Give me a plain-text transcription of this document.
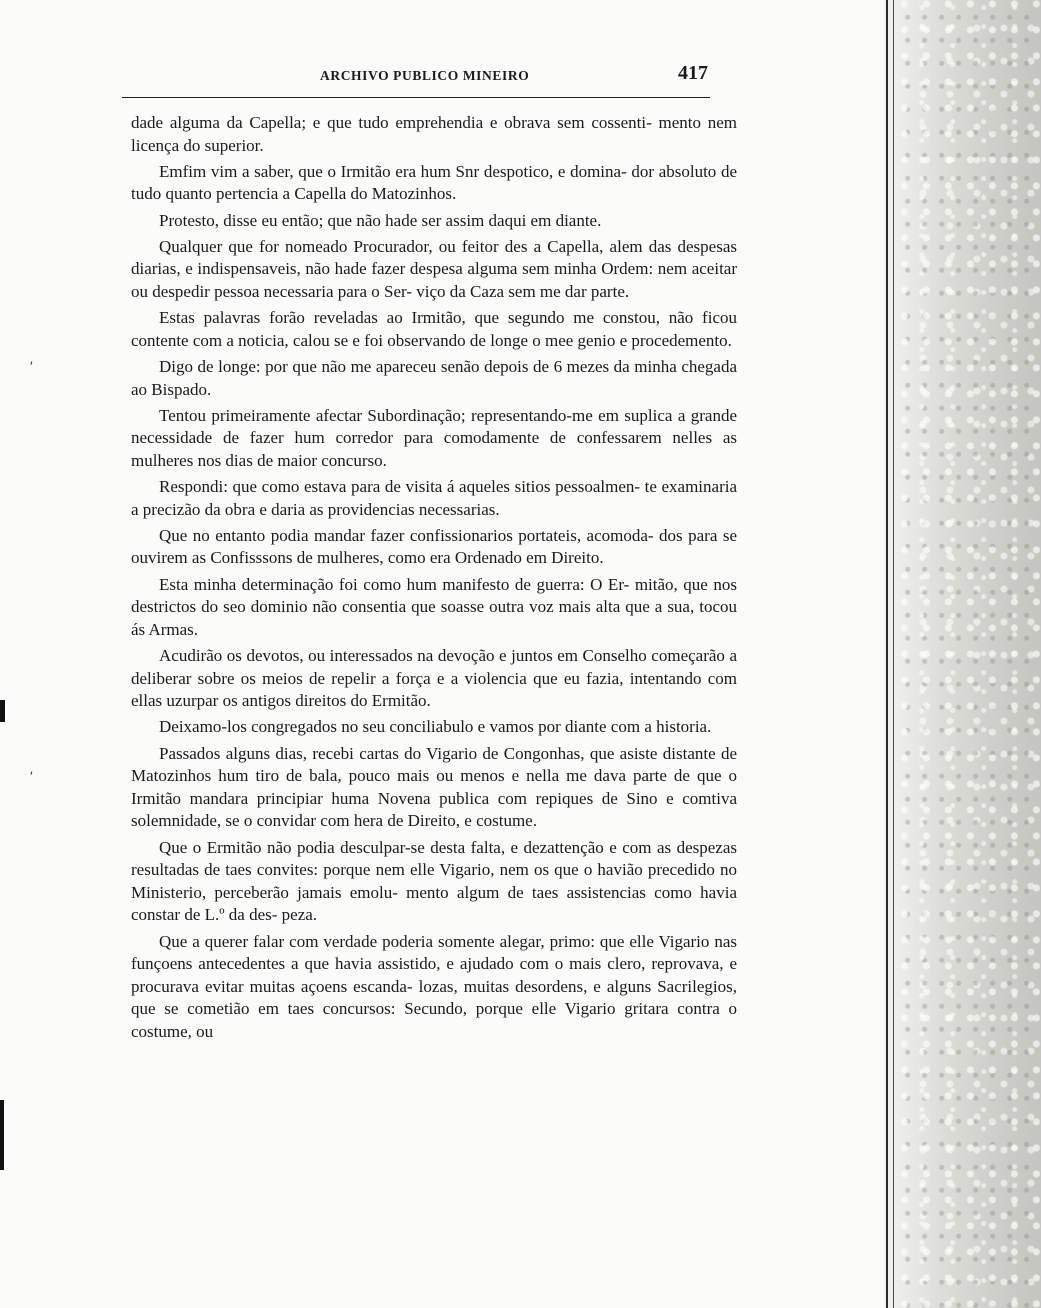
ARCHIVO PUBLICO MINEIRO	417

dade alguma da Capella; e que tudo emprehendia e obrava sem cossenti- mento nem licença do superior.

Emfim vim a saber, que o Irmitão era hum Snr despotico, e domina- dor absoluto de tudo quanto pertencia a Capella do Matozinhos.

Protesto, disse eu então; que não hade ser assim daqui em diante.

Qualquer que for nomeado Procurador, ou feitor des a Capella, alem das despesas diarias, e indispensaveis, não hade fazer despesa alguma sem minha Ordem: nem aceitar ou despedir pessoa necessaria para o Ser- viço da Caza sem me dar parte.

Estas palavras forão reveladas ao Irmitão, que segundo me constou, não ficou contente com a noticia, calou se e foi observando de longe o mee genio e procedemento.

Digo de longe: por que não me apareceu senão depois de 6 mezes da minha chegada ao Bispado.

Tentou primeiramente afectar Subordinação; representando-me em suplica a grande necessidade de fazer hum corredor para comodamente de confessarem nelles as mulheres nos dias de maior concurso.

Respondi: que como estava para de visita á aqueles sitios pessoalmen- te examinaria a precizão da obra e daria as providencias necessarias.

Que no entanto podia mandar fazer confissionarios portateis, acomoda- dos para se ouvirem as Confisssons de mulheres, como era Ordenado em Direito.

Esta minha determinação foi como hum manifesto de guerra: O Er- mitão, que nos destrictos do seo dominio não consentia que soasse outra voz mais alta que a sua, tocou ás Armas.

Acudirão os devotos, ou interessados na devoção e juntos em Conselho começarão a deliberar sobre os meios de repelir a força e a violencia que eu fazia, intentando com ellas uzurpar os antigos direitos do Ermitão.

Deixamo-los congregados no seu conciliabulo e vamos por diante com a historia.

Passados alguns dias, recebi cartas do Vigario de Congonhas, que asiste distante de Matozinhos hum tiro de bala, pouco mais ou menos e nella me dava parte de que o Irmitão mandara principiar huma Novena publica com repiques de Sino e comtiva solemnidade, se o convidar com hera de Direito, e costume.

Que o Ermitão não podia desculpar-se desta falta, e dezattenção e com as despezas resultadas de taes convites: porque nem elle Vigario, nem os que o havião precedido no Ministerio, perceberão jamais emolu- mento algum de taes assistencias como havia constar de L.º da des- peza.

Que a querer falar com verdade poderia somente alegar, primo: que elle Vigario nas funçoens antecedentes a que havia assistido, e ajudado com o mais clero, reprovava, e procurava evitar muitas açoens escanda- lozas, muitas desordens, e alguns Sacrilegios, que se cometião em taes concursos: Secundo, porque elle Vigario gritara contra o costume, ou

ʹ
ʹ
